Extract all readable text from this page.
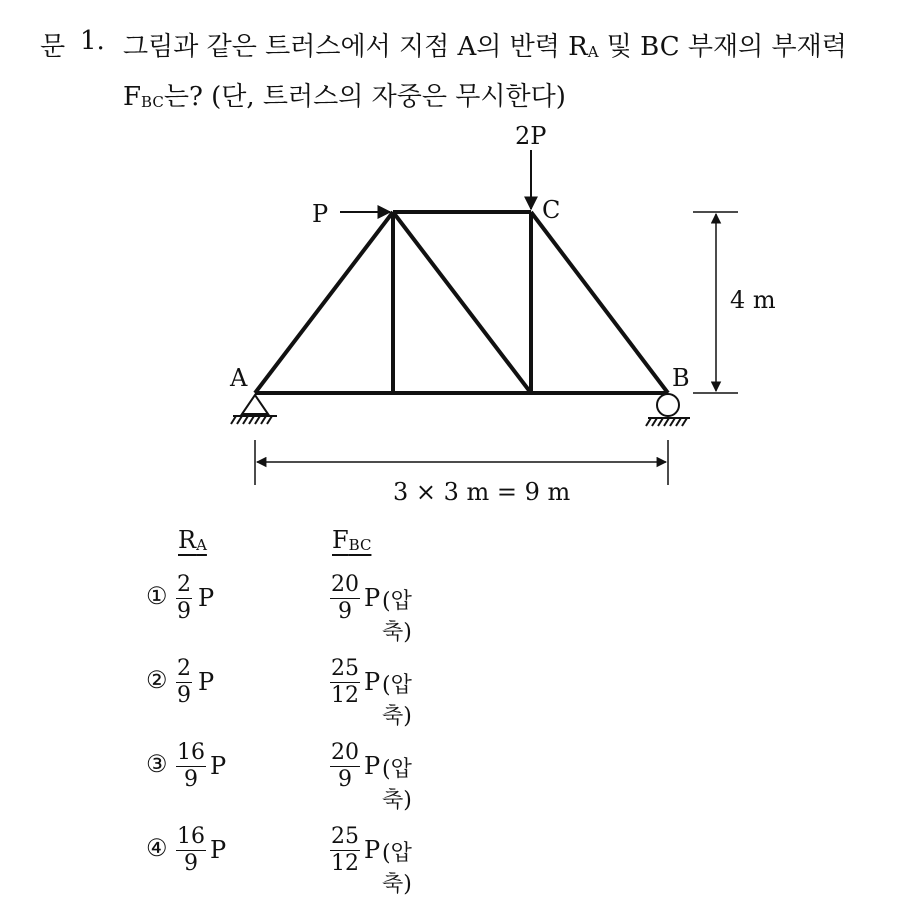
문 1. 그림과 같은 트러스에서 지점 A의 반력 RA 및 BC 부재의 부재력
FBC는? (단, 트러스의 자중은 무시한다)
P
2P
C
A	B
4 m
3 × 3 m = 9 m
RA	FBC
① $\frac{2}{9}$ P	$\frac{20}{9}$ P (압축)
② $\frac{2}{9}$ P	$\frac{25}{12}$ P (압축)
③ $\frac{16}{9}$ P	$\frac{20}{9}$ P (압축)
④ $\frac{16}{9}$ P	$\frac{25}{12}$ P (압축)
